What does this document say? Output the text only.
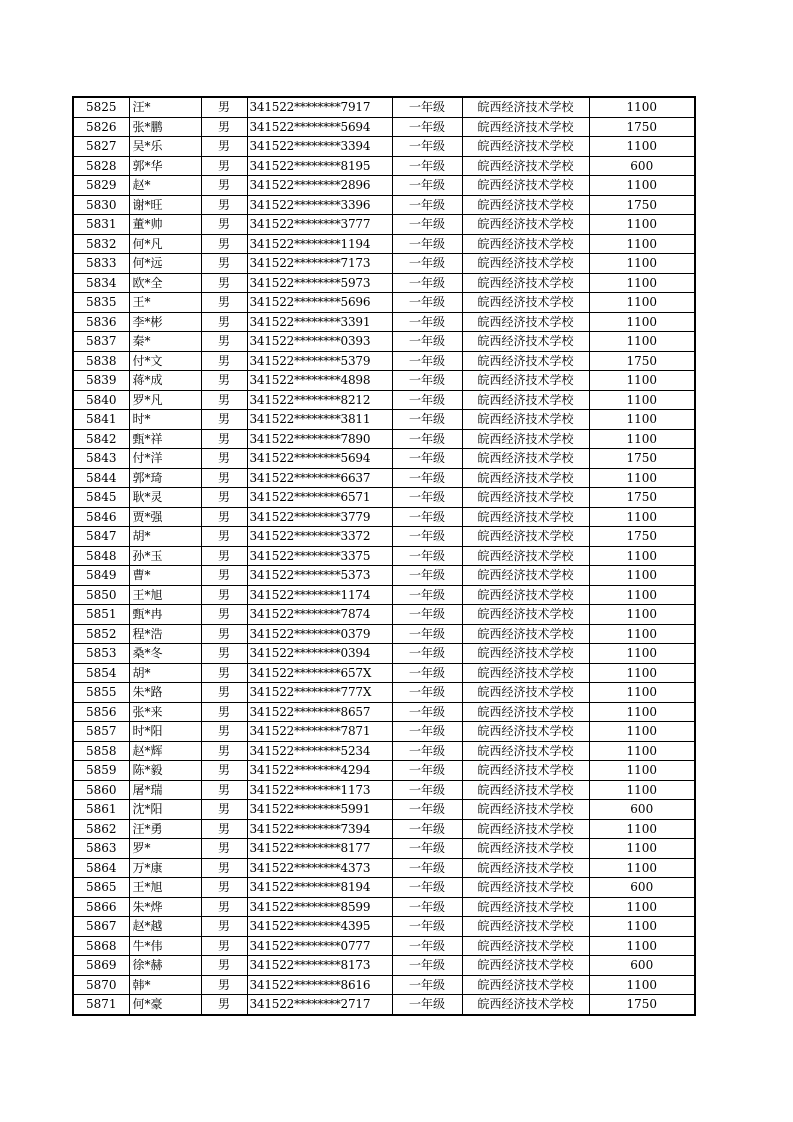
5825	汪*	男	341522********7917	一年级	皖西经济技术学校	1100
5826	张*鹏	男	341522********5694	一年级	皖西经济技术学校	1750
5827	吴*乐	男	341522********3394	一年级	皖西经济技术学校	1100
5828	郭*华	男	341522********8195	一年级	皖西经济技术学校	600
5829	赵*	男	341522********2896	一年级	皖西经济技术学校	1100
5830	谢*旺	男	341522********3396	一年级	皖西经济技术学校	1750
5831	董*帅	男	341522********3777	一年级	皖西经济技术学校	1100
5832	何*凡	男	341522********1194	一年级	皖西经济技术学校	1100
5833	何*远	男	341522********7173	一年级	皖西经济技术学校	1100
5834	欧*全	男	341522********5973	一年级	皖西经济技术学校	1100
5835	王*	男	341522********5696	一年级	皖西经济技术学校	1100
5836	李*彬	男	341522********3391	一年级	皖西经济技术学校	1100
5837	秦*	男	341522********0393	一年级	皖西经济技术学校	1100
5838	付*文	男	341522********5379	一年级	皖西经济技术学校	1750
5839	蒋*成	男	341522********4898	一年级	皖西经济技术学校	1100
5840	罗*凡	男	341522********8212	一年级	皖西经济技术学校	1100
5841	时*	男	341522********3811	一年级	皖西经济技术学校	1100
5842	甄*祥	男	341522********7890	一年级	皖西经济技术学校	1100
5843	付*洋	男	341522********5694	一年级	皖西经济技术学校	1750
5844	郭*琦	男	341522********6637	一年级	皖西经济技术学校	1100
5845	耿*灵	男	341522********6571	一年级	皖西经济技术学校	1750
5846	贾*强	男	341522********3779	一年级	皖西经济技术学校	1100
5847	胡*	男	341522********3372	一年级	皖西经济技术学校	1750
5848	孙*玉	男	341522********3375	一年级	皖西经济技术学校	1100
5849	曹*	男	341522********5373	一年级	皖西经济技术学校	1100
5850	王*旭	男	341522********1174	一年级	皖西经济技术学校	1100
5851	甄*冉	男	341522********7874	一年级	皖西经济技术学校	1100
5852	程*浩	男	341522********0379	一年级	皖西经济技术学校	1100
5853	桑*冬	男	341522********0394	一年级	皖西经济技术学校	1100
5854	胡*	男	341522********657X	一年级	皖西经济技术学校	1100
5855	朱*路	男	341522********777X	一年级	皖西经济技术学校	1100
5856	张*来	男	341522********8657	一年级	皖西经济技术学校	1100
5857	时*阳	男	341522********7871	一年级	皖西经济技术学校	1100
5858	赵*辉	男	341522********5234	一年级	皖西经济技术学校	1100
5859	陈*毅	男	341522********4294	一年级	皖西经济技术学校	1100
5860	屠*瑞	男	341522********1173	一年级	皖西经济技术学校	1100
5861	沈*阳	男	341522********5991	一年级	皖西经济技术学校	600
5862	汪*勇	男	341522********7394	一年级	皖西经济技术学校	1100
5863	罗*	男	341522********8177	一年级	皖西经济技术学校	1100
5864	万*康	男	341522********4373	一年级	皖西经济技术学校	1100
5865	王*旭	男	341522********8194	一年级	皖西经济技术学校	600
5866	朱*烨	男	341522********8599	一年级	皖西经济技术学校	1100
5867	赵*越	男	341522********4395	一年级	皖西经济技术学校	1100
5868	牛*伟	男	341522********0777	一年级	皖西经济技术学校	1100
5869	徐*赫	男	341522********8173	一年级	皖西经济技术学校	600
5870	韩*	男	341522********8616	一年级	皖西经济技术学校	1100
5871	何*豪	男	341522********2717	一年级	皖西经济技术学校	1750
